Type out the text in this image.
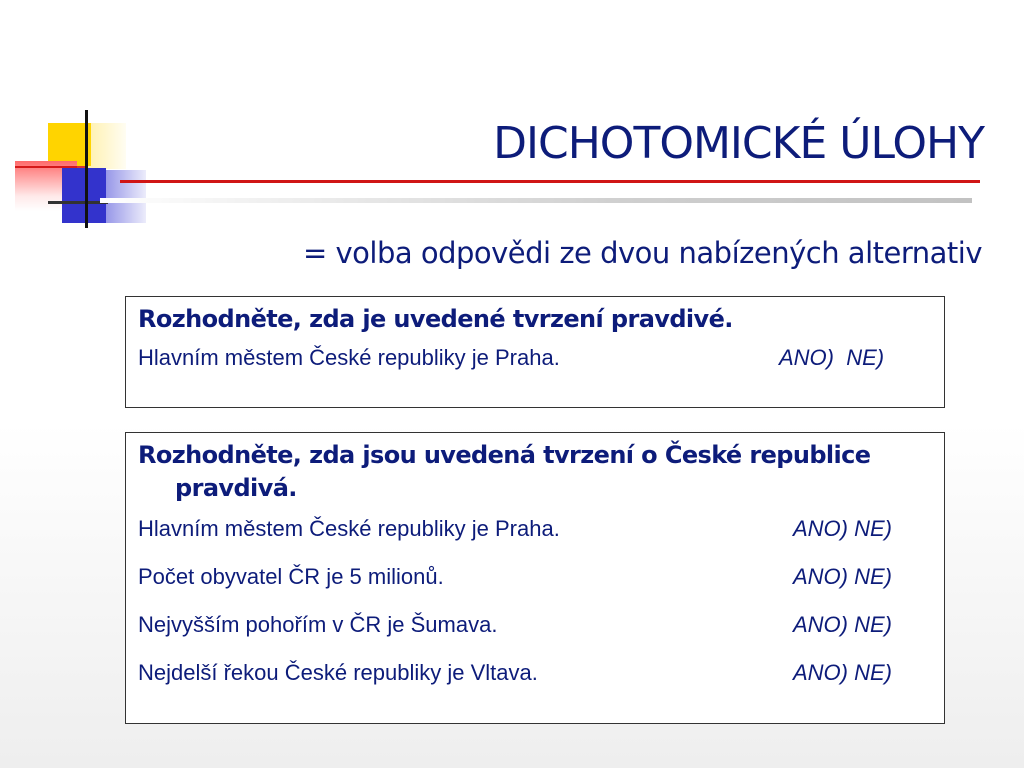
DICHOTOMICKÉ ÚLOHY

= volba odpovědi ze dvou nabízených alternativ

Rozhodněte, zda je uvedené tvrzení pravdivé.

Hlavním městem České republiky je Praha.	ANO)  NE)

Rozhodněte, zda jsou uvedená tvrzení o České republice pravdivá.

Hlavním městem České republiky je Praha.	ANO) NE)
Počet obyvatel ČR je 5 milionů.	ANO) NE)
Nejvyšším pohořím v ČR je Šumava.	ANO) NE)
Nejdelší řekou České republiky je Vltava.	ANO) NE)
